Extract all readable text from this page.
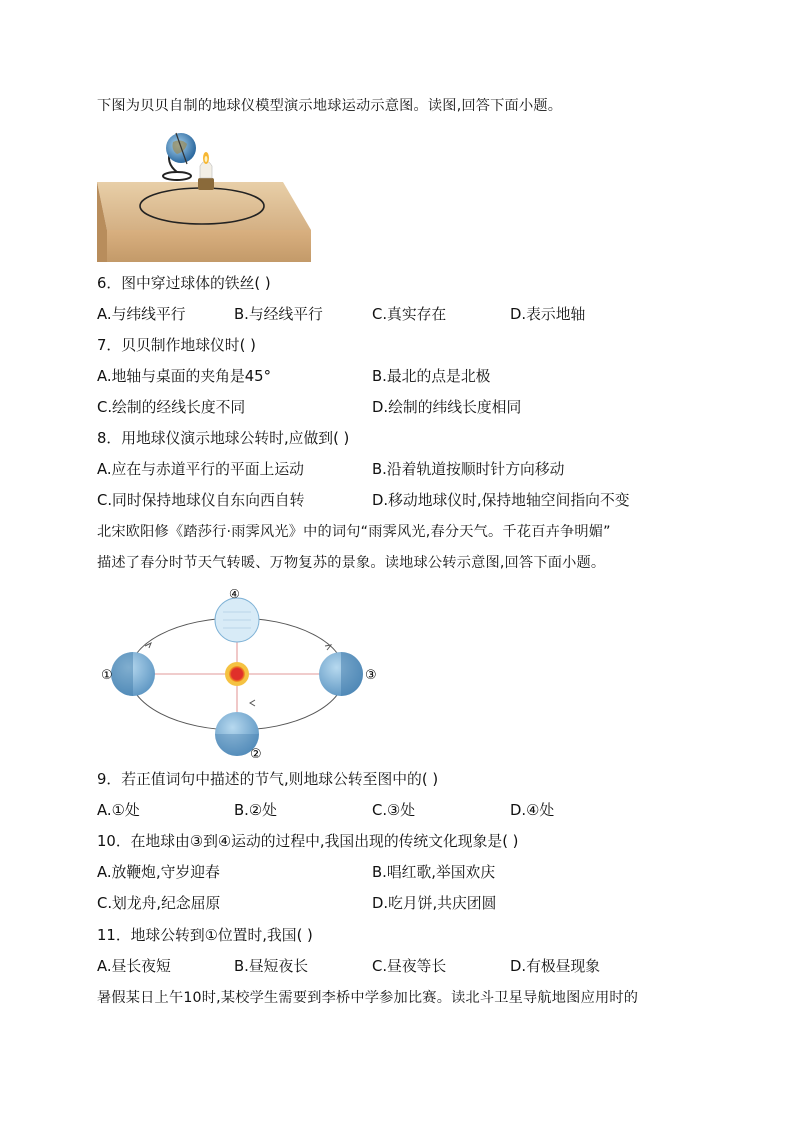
下图为贝贝自制的地球仪模型演示地球运动示意图。读图,回答下面小题。
6．图中穿过球体的铁丝( )
A.与纬线平行	B.与经线平行	C.真实存在	D.表示地轴
7．贝贝制作地球仪时( )
A.地轴与桌面的夹角是45°	B.最北的点是北极
C.绘制的经线长度不同	D.绘制的纬线长度相同
8．用地球仪演示地球公转时,应做到( )
A.应在与赤道平行的平面上运动	B.沿着轨道按顺时针方向移动
C.同时保持地球仪自东向西自转	D.移动地球仪时,保持地轴空间指向不变
北宋欧阳修《踏莎行·雨霁风光》中的词句“雨霁风光,春分天气。千花百卉争明媚”
描述了春分时节天气转暖、万物复苏的景象。读地球公转示意图,回答下面小题。
①
②
③
④
9．若正值词句中描述的节气,则地球公转至图中的( )
A.①处	B.②处	C.③处	D.④处
10．在地球由③到④运动的过程中,我国出现的传统文化现象是( )
A.放鞭炮,守岁迎春	B.唱红歌,举国欢庆
C.划龙舟,纪念屈原	D.吃月饼,共庆团圆
11．地球公转到①位置时,我国( )
A.昼长夜短	B.昼短夜长	C.昼夜等长	D.有极昼现象
暑假某日上午10时,某校学生需要到李桥中学参加比赛。读北斗卫星导航地图应用时的
